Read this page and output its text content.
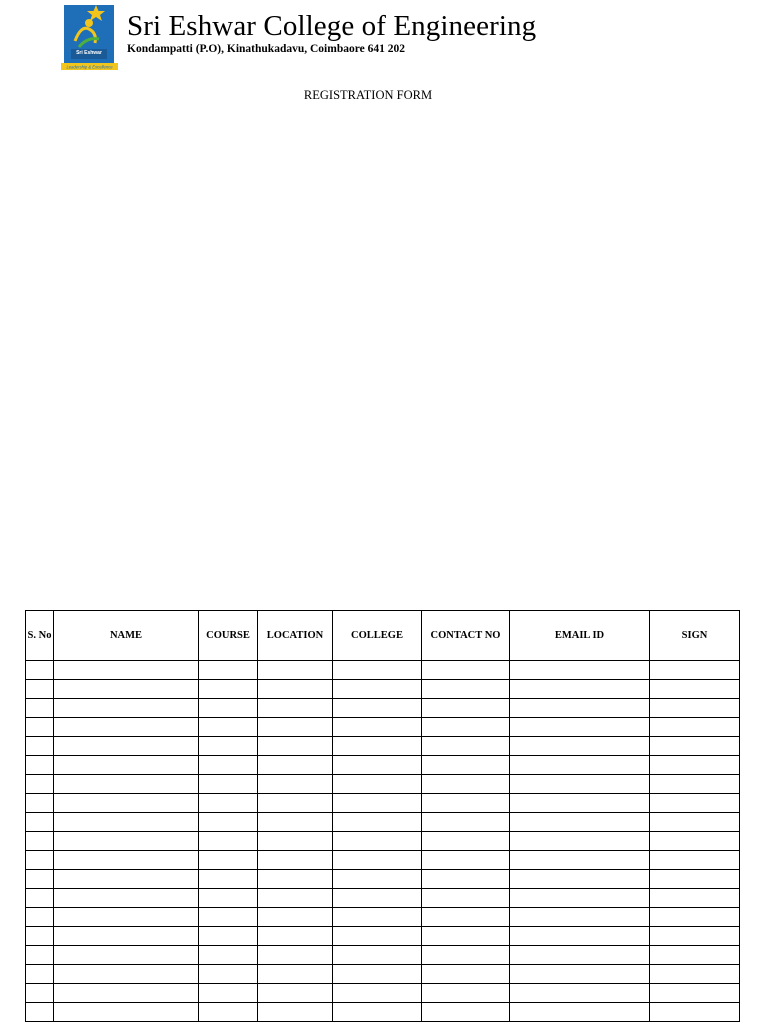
Sri Eshwar
Leadership & Excellence
Sri Eshwar College of Engineering
Kondampatti (P.O), Kinathukadavu, Coimbaore 641 202
REGISTRATION FORM
S. No	NAME	COURSE	LOCATION	COLLEGE	CONTACT NO	EMAIL ID	SIGN
